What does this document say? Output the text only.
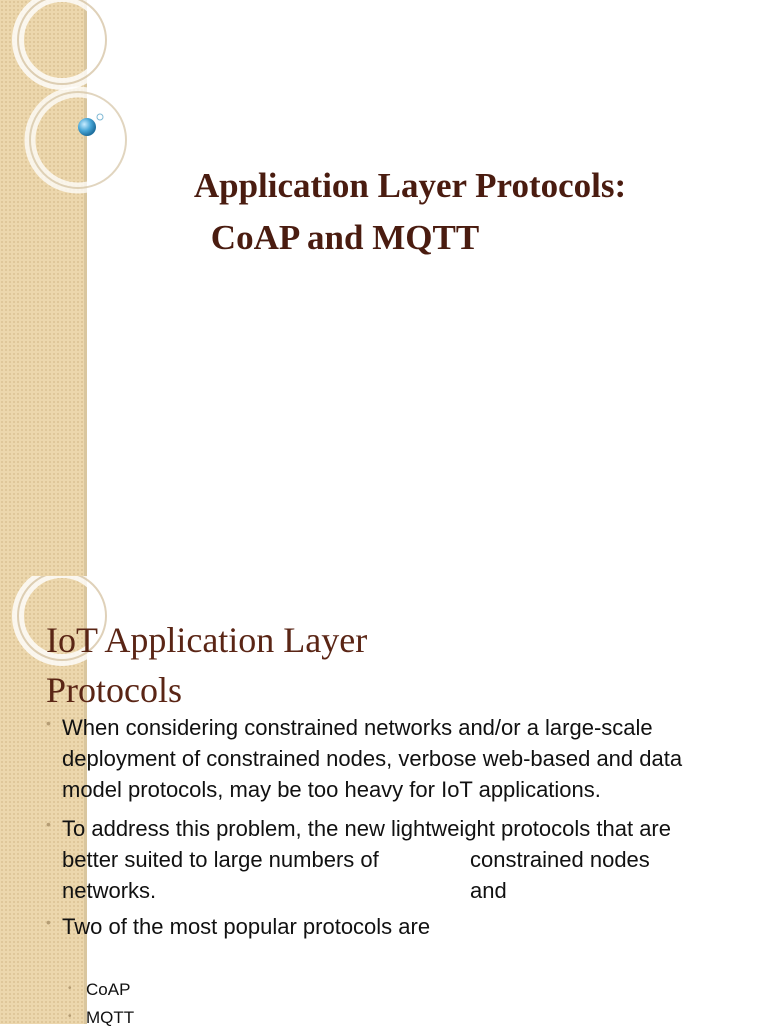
Application Layer Protocols:
CoAP and MQTT
IoT Application Layer
Protocols
• When considering constrained networks and/or a large-scale deployment of constrained nodes, verbose web-based and data model protocols, may be too heavy for IoT applications.
• To address this problem, the new lightweight protocols that are
better suited to large numbers of networks.
constrained nodes and
• Two of the most popular protocols are
• CoAP
• MQTT
